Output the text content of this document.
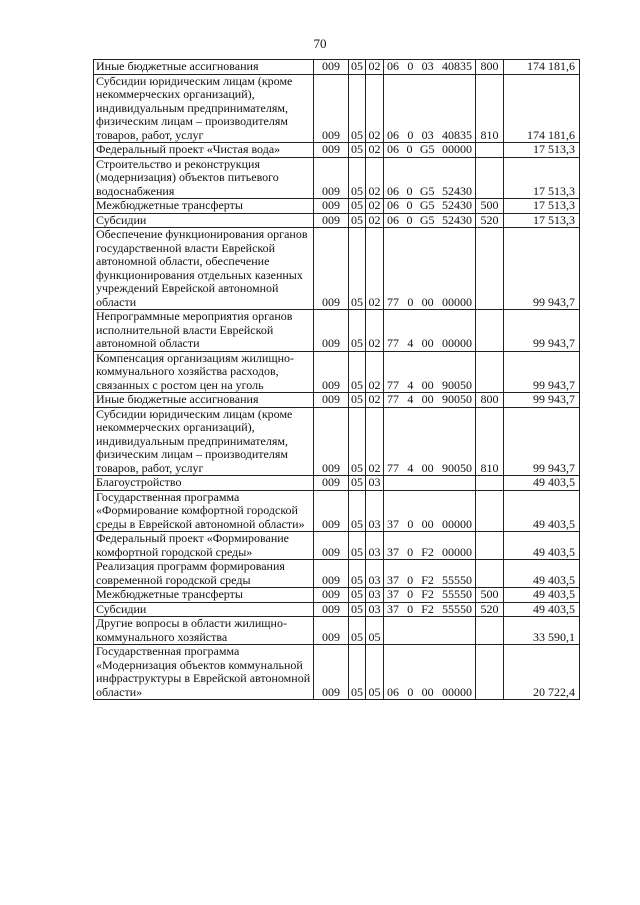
70
Иные бюджетные ассигнования	009	05	02	06 0 03 40835	800	174 181,6
Субсидии юридическим лицам (кроме некоммерческих организаций), индивидуальным предпринимателям, физическим лицам – производителям товаров, работ, услуг	009	05	02	06 0 03 40835	810	174 181,6
Федеральный проект «Чистая вода»	009	05	02	06 0 G5 00000		17 513,3
Строительство и реконструкция (модернизация) объектов питьевого водоснабжения	009	05	02	06 0 G5 52430		17 513,3
Межбюджетные трансферты	009	05	02	06 0 G5 52430	500	17 513,3
Субсидии	009	05	02	06 0 G5 52430	520	17 513,3
Обеспечение функционирования органов государственной власти Еврейской автономной области, обеспечение функционирования отдельных казенных учреждений Еврейской автономной области	009	05	02	77 0 00 00000		99 943,7
Непрограммные мероприятия органов исполнительной власти Еврейской автономной области	009	05	02	77 4 00 00000		99 943,7
Компенсация организациям жилищно-коммунального хозяйства расходов, связанных с ростом цен на уголь	009	05	02	77 4 00 90050		99 943,7
Иные бюджетные ассигнования	009	05	02	77 4 00 90050	800	99 943,7
Субсидии юридическим лицам (кроме некоммерческих организаций), индивидуальным предпринимателям, физическим лицам – производителям товаров, работ, услуг	009	05	02	77 4 00 90050	810	99 943,7
Благоустройство	009	05	03			49 403,5
Государственная программа «Формирование комфортной городской среды в Еврейской автономной области»	009	05	03	37 0 00 00000		49 403,5
Федеральный проект «Формирование комфортной городской среды»	009	05	03	37 0 F2 00000		49 403,5
Реализация программ формирования современной городской среды	009	05	03	37 0 F2 55550		49 403,5
Межбюджетные трансферты	009	05	03	37 0 F2 55550	500	49 403,5
Субсидии	009	05	03	37 0 F2 55550	520	49 403,5
Другие вопросы в области жилищно-коммунального хозяйства	009	05	05			33 590,1
Государственная программа «Модернизация объектов коммунальной инфраструктуры в Еврейской автономной области»	009	05	05	06 0 00 00000		20 722,4
